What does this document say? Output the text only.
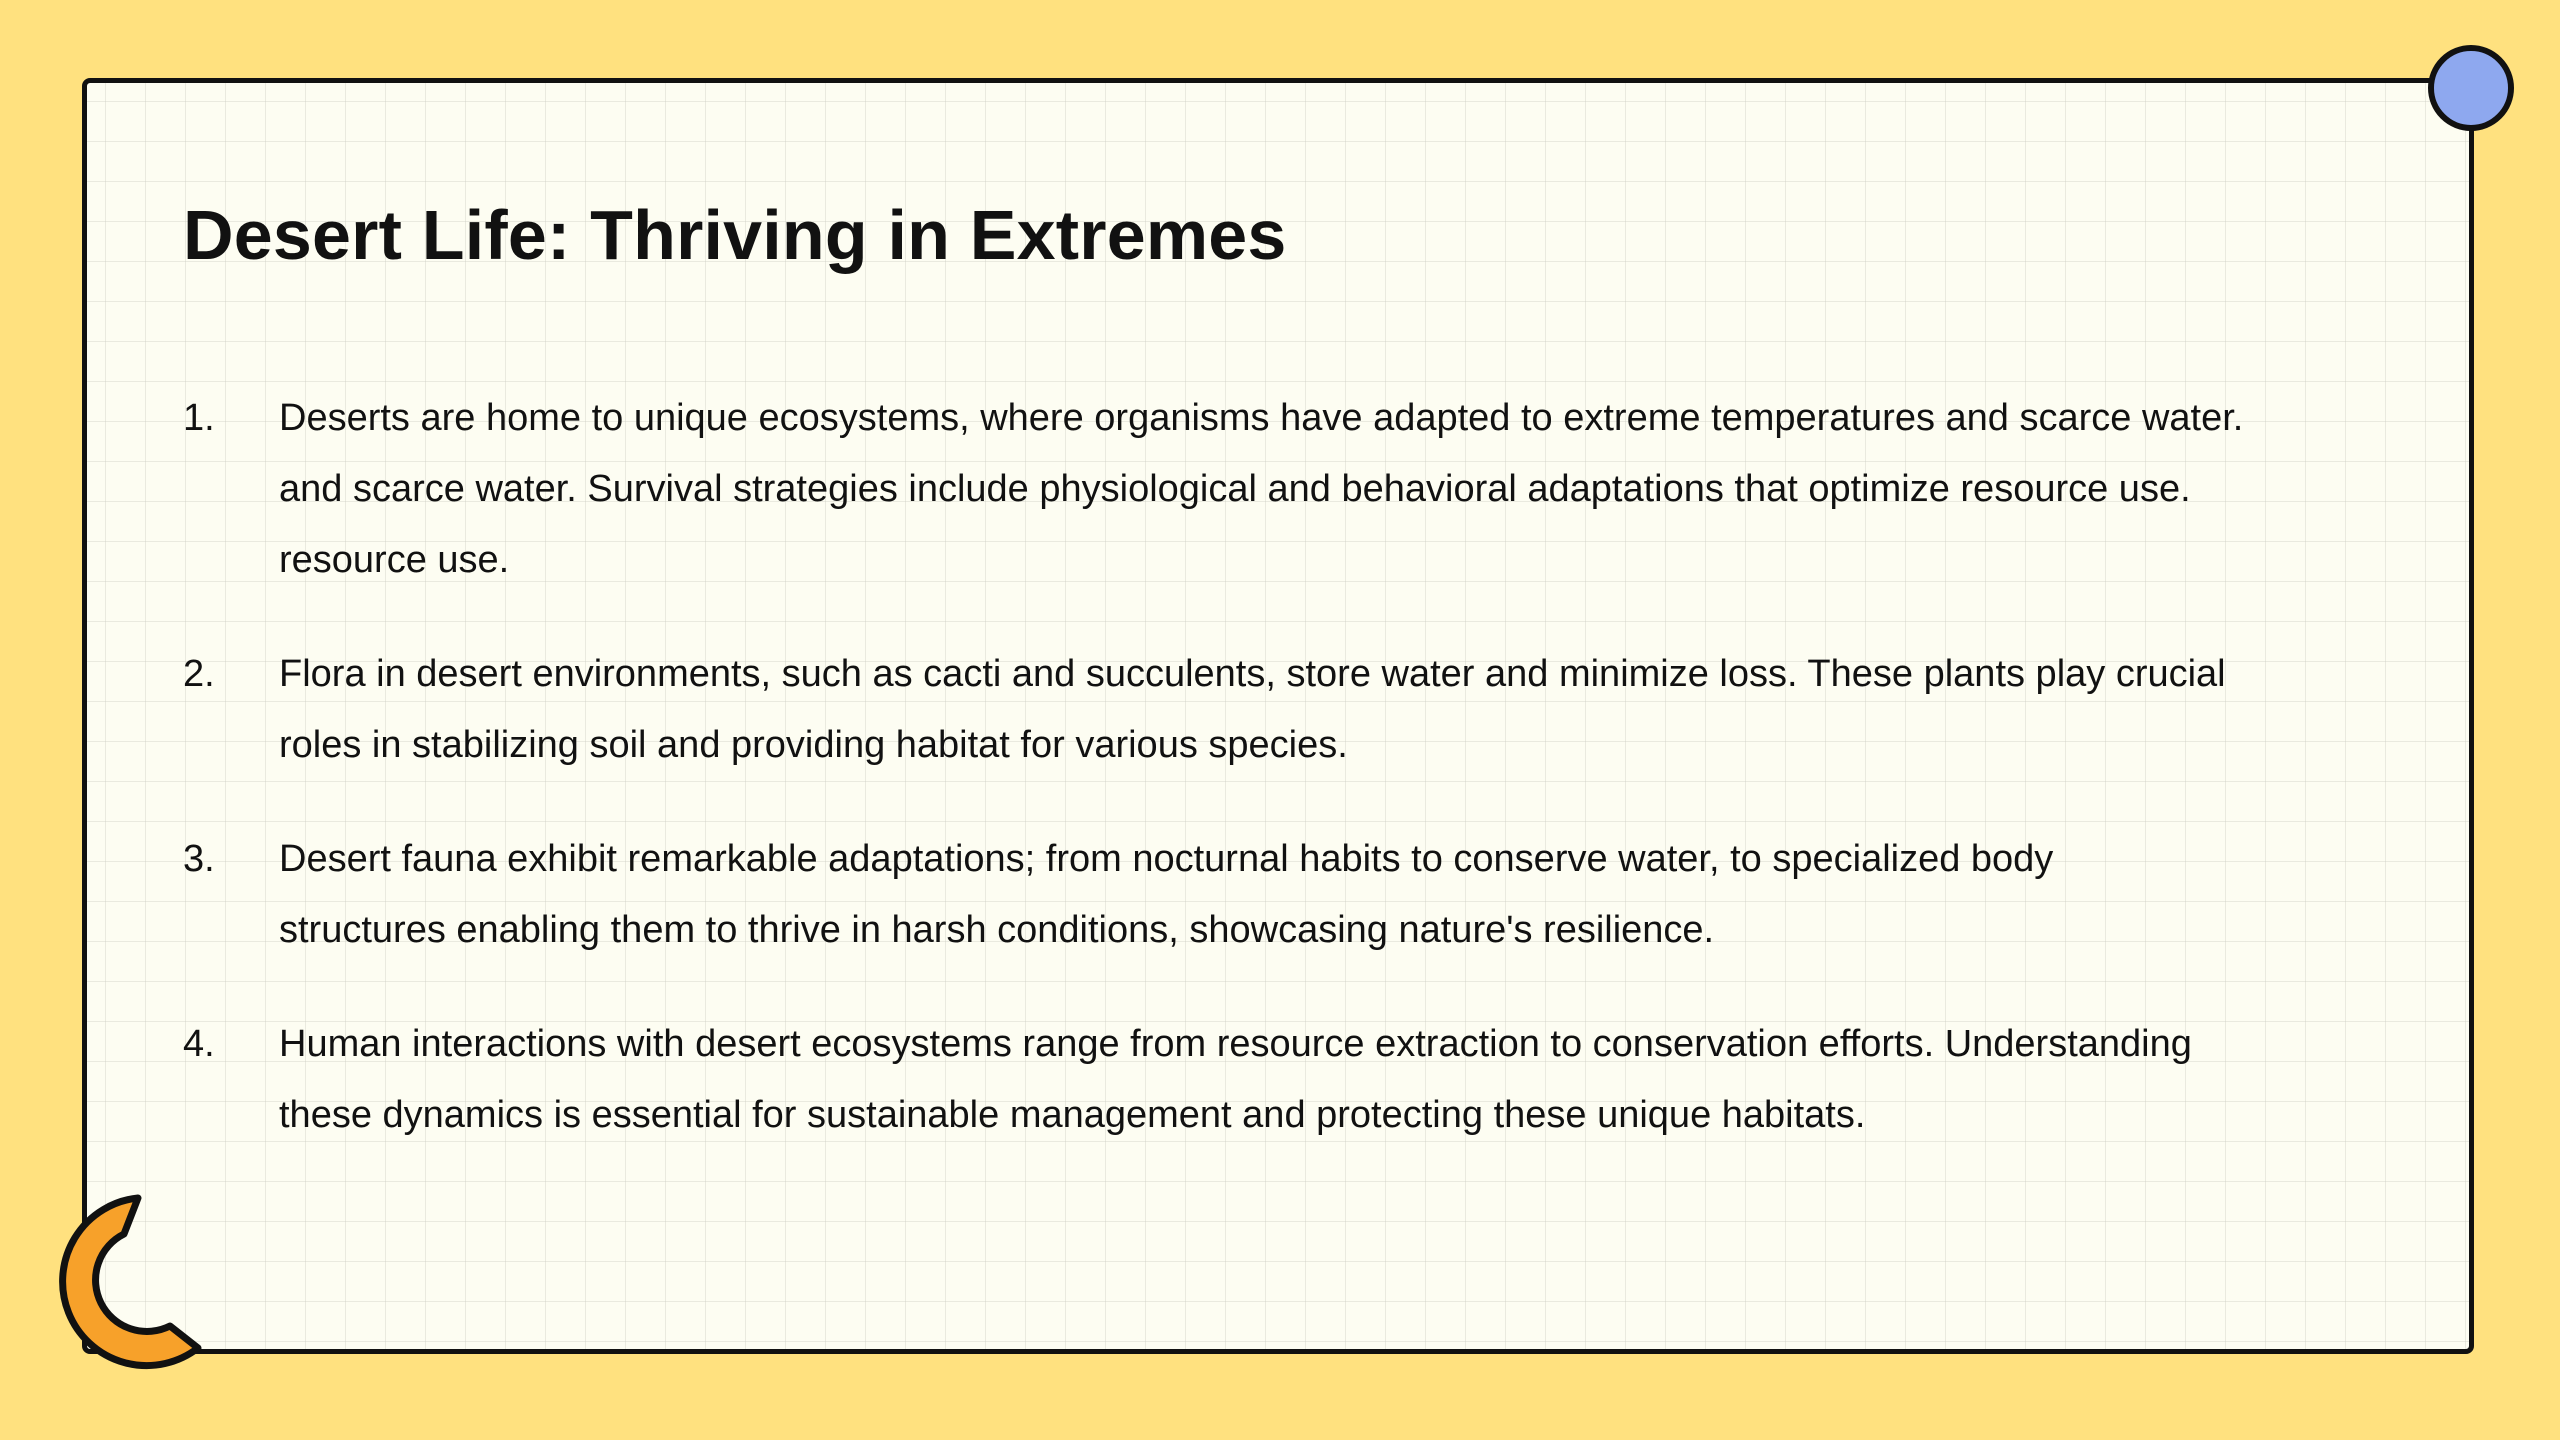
Desert Life: Thriving in Extremes
1.	Deserts are home to unique ecosystems, where organisms have adapted to extreme temperatures and scarce water.
and scarce water. Survival strategies include physiological and behavioral adaptations that optimize resource use.
resource use.

2.	Flora in desert environments, such as cacti and succulents, store water and minimize loss. These plants play crucial
roles in stabilizing soil and providing habitat for various species.

3.	Desert fauna exhibit remarkable adaptations; from nocturnal habits to conserve water, to specialized body
structures enabling them to thrive in harsh conditions, showcasing nature's resilience.

4.	Human interactions with desert ecosystems range from resource extraction to conservation efforts. Understanding
these dynamics is essential for sustainable management and protecting these unique habitats.
